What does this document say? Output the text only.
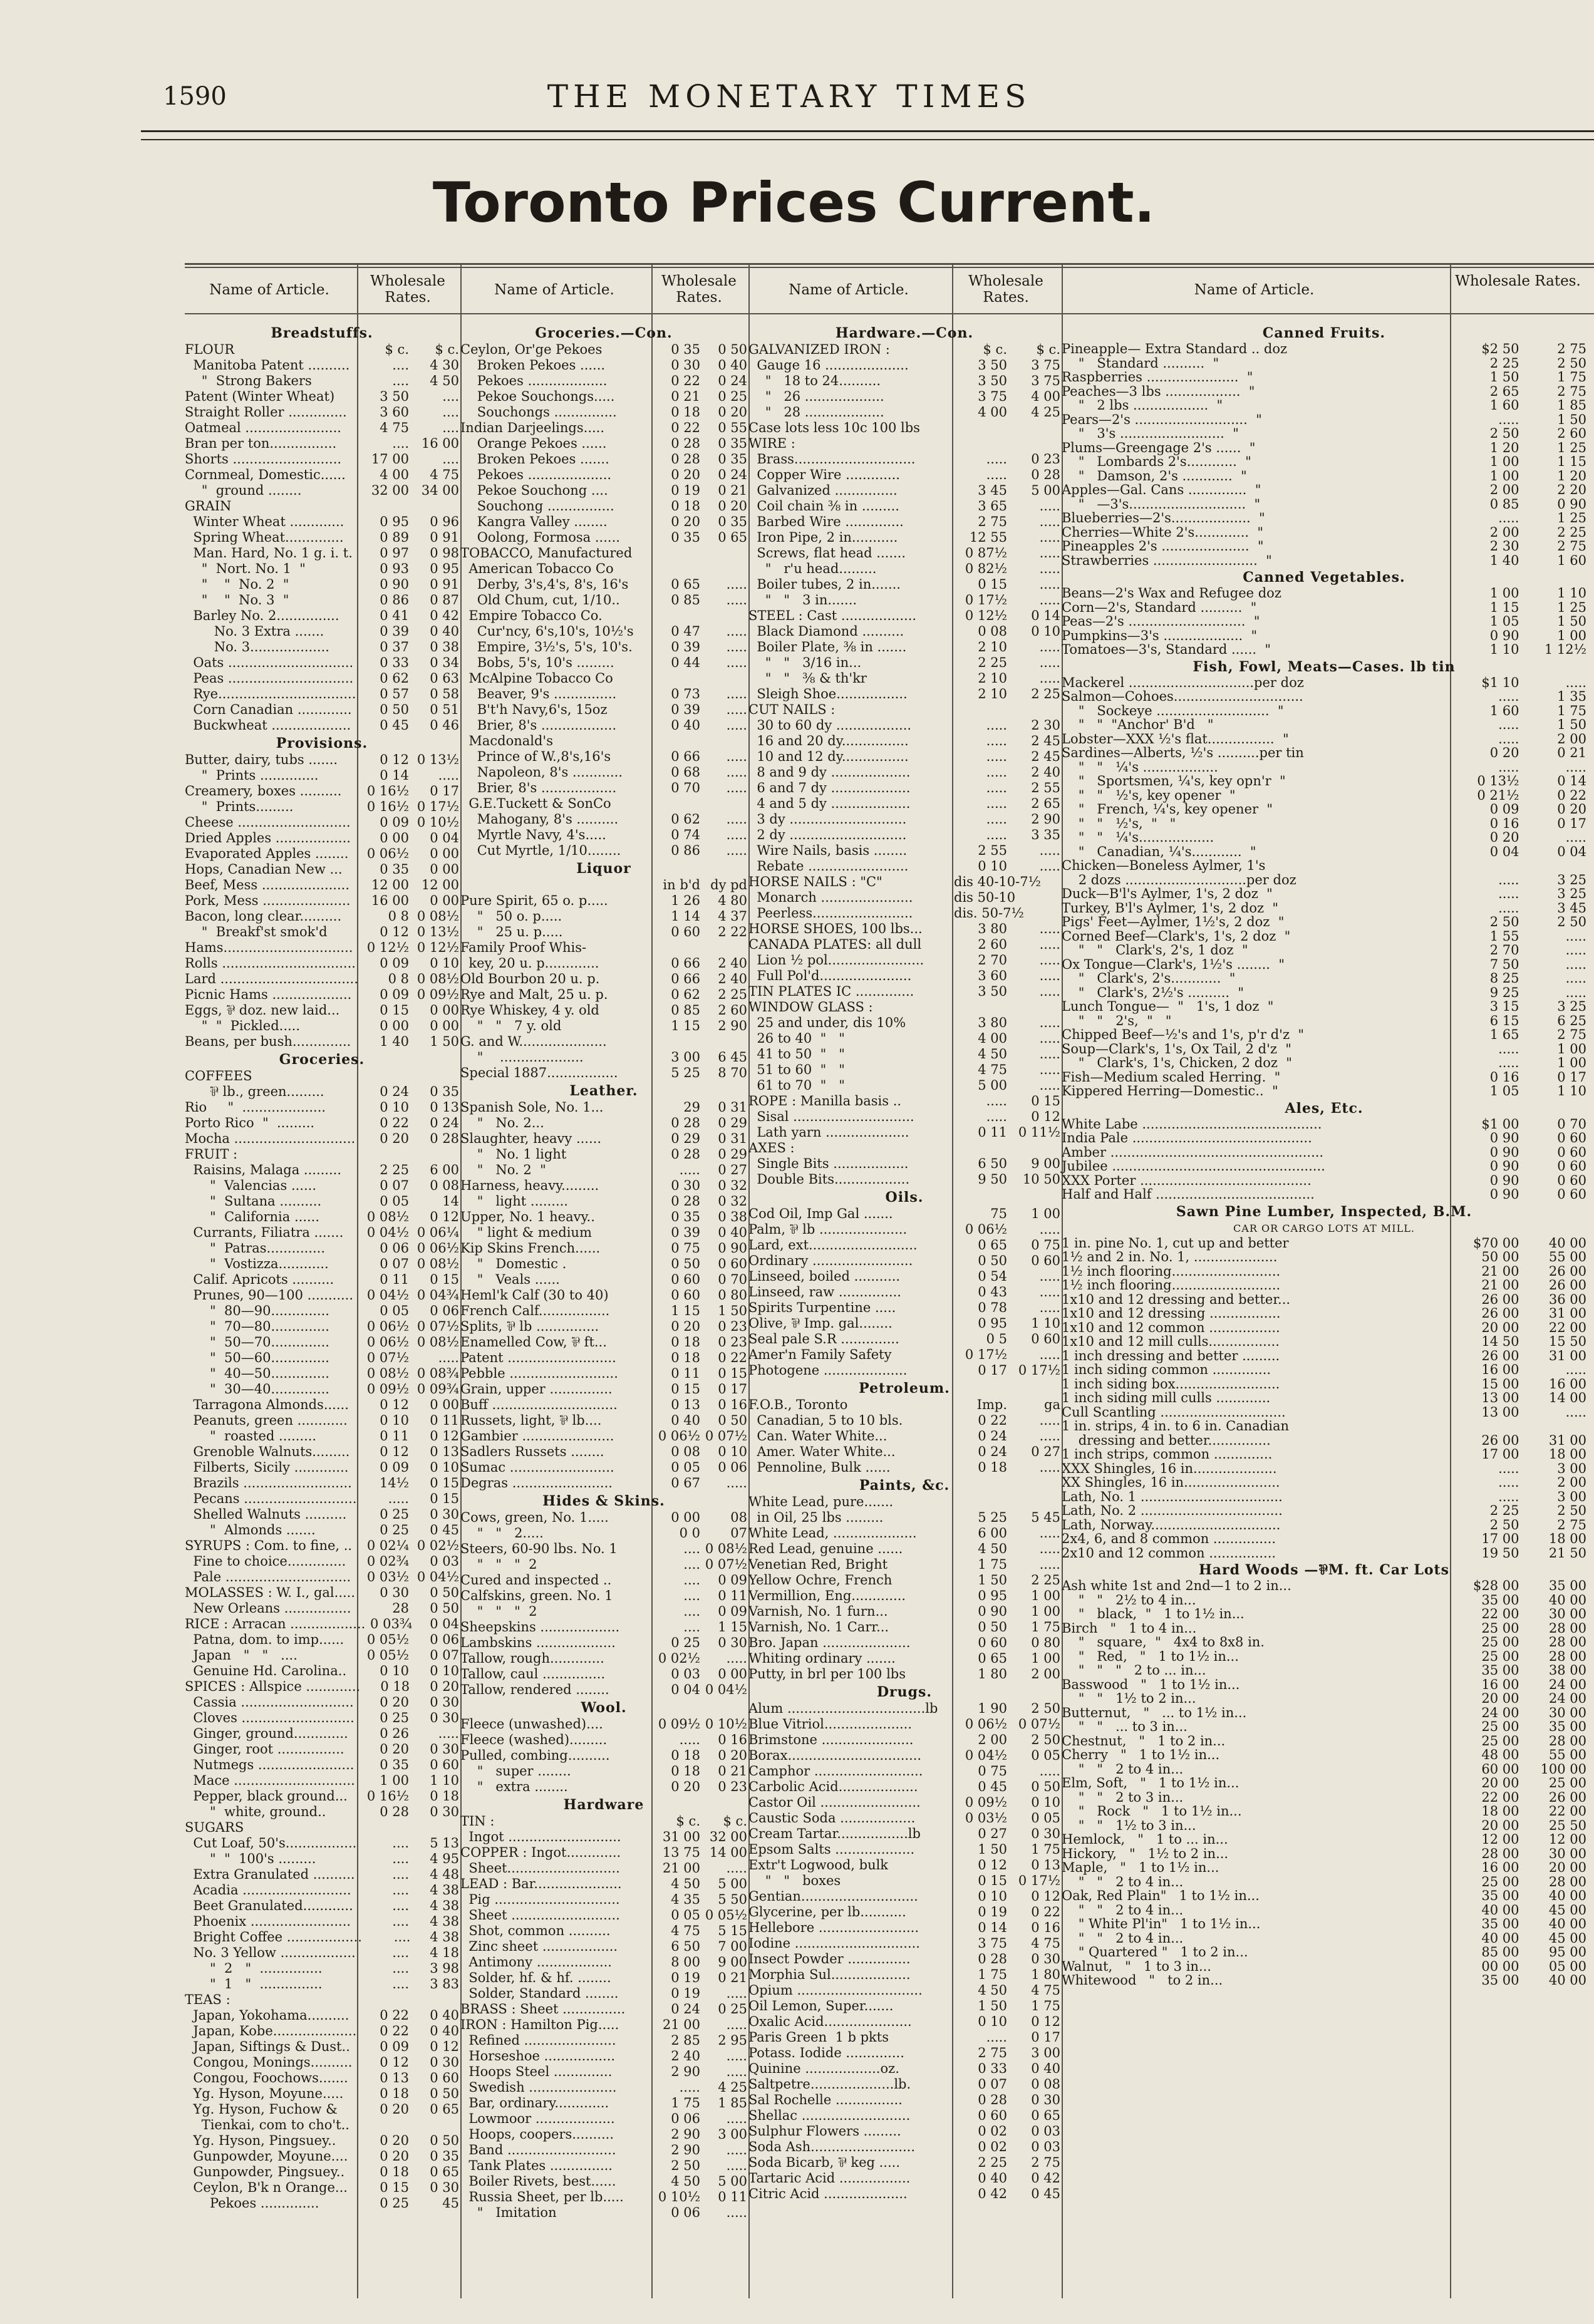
1590	THE MONETARY TIMES
Toronto Prices Current.
Name of Article.
Wholesale Rates.
Breadstuffs.
FLOUR	$ c.	$ c.
Manitoba Patent ..........	....	4 30
"  Strong Bakers	....	4 50
Patent (Winter Wheat)	3 50	....
Straight Roller ..............	3 60	....
Oatmeal .......................	4 75	....
Bran per ton................	.... 16 00
Shorts ..........................	17 00	....
Cornmeal, Domestic......	4 00	4 75
"  ground ........	32 00 34 00
GRAIN
Winter Wheat .............	0 95	0 96
Spring Wheat..............	0 89	0 91
Man. Hard, No. 1 g. i. t.	0 97	0 98
"  Nort. No. 1  "	0 93	0 95
"    "  No. 2  "	0 90	0 91
"    "  No. 3  "	0 86	0 87
Barley No. 2...............	0 41	0 42
No. 3 Extra .......	0 39	0 40
No. 3...................	0 37	0 38
Oats ..............................	0 33	0 34
Peas ..............................	0 62	0 63
Rye.................................	0 57	0 58
Corn Canadian .............	0 50	0 51
Buckwheat ...................	0 45	0 46
Provisions.
Butter, dairy, tubs .......	0 12 0 13½
"  Prints ..............	0 14	.....
Creamery, boxes ..........	0 16½	0 17
"  Prints.........	0 16½ 0 17½
Cheese ...........................	0 09 0 10½
Dried Apples ..................	0 00	0 04
Evaporated Apples ........	0 06½	0 00
Hops, Canadian New ...	0 35	0 00
Beef, Mess .....................	12 00 12 00
Pork, Mess .....................	16 00	0 00
Bacon, long clear..........	0 8 0 08½
"  Breakf'st smok'd	0 12 0 13½
Hams...............................	0 12½ 0 12½
Rolls ................................	0 09	0 10
Lard .................................	0 8 0 08½
Picnic Hams ...................	0 09 0 09½
Eggs, ⅌ doz. new laid...	0 15	0 00
"  "  Pickled.....	0 00	0 00
Beans, per bush..............	1 40	1 50
Groceries.
COFFEES
⅌ lb., green.........	0 24	0 35
Rio     "  ....................	0 10	0 13
Porto Rico  "  .........	0 22	0 24
Mocha .............................	0 20	0 28
FRUIT :
Raisins, Malaga .........	2 25	6 00
"  Valencias ......	0 07	0 08
"  Sultana ..........	0 05	14
"  California ......	0 08½	0 12
Currants, Filiatra .......	0 04½ 0 06¼
"  Patras..............	0 06 0 06½
"  Vostizza............	0 07 0 08½
Calif. Apricots ..........	0 11	0 15
Prunes, 90—100 ...........	0 04½ 0 04¾
"  80—90..............	0 05	0 06
"  70—80..............	0 06½ 0 07½
"  50—70..............	0 06½ 0 08½
"  50—60..............	0 07½	.....
"  40—50..............	0 08½ 0 08¾
"  30—40..............	0 09½ 0 09¾
Tarragona Almonds......	0 12	0 00
Peanuts, green ............	0 10	0 11
"  roasted .........	0 11	0 12
Grenoble Walnuts.........	0 12	0 13
Filberts, Sicily .............	0 09	0 10
Brazils ..........................	14½	0 15
Pecans ...........................	.....	0 15
Shelled Walnuts ..........	0 25	0 30
"  Almonds .......	0 25	0 45
SYRUPS : Com. to fine, ..	0 02¼ 0 02½
Fine to choice..............	0 02¾	0 03
Pale ..............................	0 03½ 0 04½
MOLASSES : W. I., gal.....	0 30	0 50
New Orleans ................	28	0 50
RICE : Arracan .................. 0 03¾	0 04
Patna, dom. to imp......	0 05½	0 06
Japan   "   "   ....	0 05½	0 07
Genuine Hd. Carolina..	0 10	0 10
SPICES : Allspice .............	0 18	0 20
Cassia ...........................	0 20	0 30
Cloves ...........................	0 25	0 30
Ginger, ground.............	0 26	.....
Ginger, root ................	0 20	0 30
Nutmegs .......................	0 35	0 60
Mace .............................	1 00	1 10
Pepper, black ground...	0 16½	0 18
"  white, ground..	0 28	0 30
SUGARS
Cut Loaf, 50's.................	....	5 13
"  "  100's .........	....	4 95
Extra Granulated ..........	....	4 48
Acadia ..........................	....	4 38
Beet Granulated............	....	4 38
Phoenix ........................	....	4 38
Bright Coffee ..................	....	4 38
No. 3 Yellow ..................	....	4 18
"  2   "  ...............	....	3 98
"  1   "  ...............	....	3 83
TEAS :
Japan, Yokohama..........	0 22	0 40
Japan, Kobe....................	0 22	0 40
Japan, Siftings & Dust..	0 09	0 12
Congou, Monings..........	0 12	0 30
Congou, Foochows.......	0 13	0 60
Yg. Hyson, Moyune.....	0 18	0 50
Yg. Hyson, Fuchow &	0 20	0 65
Tienkai, com to cho't..
Yg. Hyson, Pingsuey..	0 20	0 50
Gunpowder, Moyune....	0 20	0 35
Gunpowder, Pingsuey..	0 18	0 65
Ceylon, B'k n Orange...	0 15	0 30
Pekoes ..............	0 25	45
Name of Article.
Wholesale Rates.
Groceries.—Con.
Ceylon, Or'ge Pekoes	0 35	0 50
Broken Pekoes ......	0 30	0 40
Pekoes ...................	0 22	0 24
Pekoe Souchongs.....	0 21	0 25
Souchongs ...............	0 18	0 20
Indian Darjeelings.....	0 22	0 55
Orange Pekoes ......	0 28	0 35
Broken Pekoes .......	0 28	0 35
Pekoes ....................	0 20	0 24
Pekoe Souchong ....	0 19	0 21
Souchong ................	0 18	0 20
Kangra Valley ........	0 20	0 35
Oolong, Formosa ......	0 35	0 65
TOBACCO, Manufactured
American Tobacco Co
Derby, 3's,4's, 8's, 16's	0 65	.....
Old Chum, cut, 1/10..	0 85	.....
Empire Tobacco Co.
Cur'ncy, 6's,10's, 10½'s	0 47	.....
Empire, 3½'s, 5's, 10's.	0 39	.....
Bobs, 5's, 10's .........	0 44	.....
McAlpine Tobacco Co
Beaver, 9's ...............	0 73	.....
B't'h Navy,6's, 15oz	0 39	.....
Brier, 8's ..................	0 40	.....
Macdonald's
Prince of W.,8's,16's	0 66	.....
Napoleon, 8's ............	0 68	.....
Brier, 8's ..................	0 70	.....
G.E.Tuckett & SonCo
Mahogany, 8's ..........	0 62	.....
Myrtle Navy, 4's.....	0 74	.....
Cut Myrtle, 1/10........	0 86	.....
Liquor
in b'd dy pd
Pure Spirit, 65 o. p.....	1 26	4 80
"   50 o. p.....	1 14	4 37
"   25 u. p.....	0 60	2 22
Family Proof Whis-
key, 20 u. p.............	0 66	2 40
Old Bourbon 20 u. p.	0 66	2 40
Rye and Malt, 25 u. p.	0 62	2 25
Rye Whiskey, 4 y. old	0 85	2 60
"   "   7 y. old	1 15	2 90
G. and W.....................
"    ....................	3 00	6 45
Special 1887.................	5 25	8 70
Leather.
Spanish Sole, No. 1...	29	0 31
"   No. 2...	0 28	0 29
Slaughter, heavy ......	0 29	0 31
"   No. 1 light	0 28	0 29
"   No. 2  "	.....	0 27
Harness, heavy.........	0 30	0 32
"   light .........	0 28	0 32
Upper, No. 1 heavy..	0 35	0 38
" light & medium	0 39	0 40
Kip Skins French......	0 75	0 90
"   Domestic .	0 50	0 60
"   Veals ......	0 60	0 70
Heml'k Calf (30 to 40)	0 60	0 80
French Calf.................	1 15	1 50
Splits, ⅌ lb ...............	0 20	0 23
Enamelled Cow, ⅌ ft...	0 18	0 23
Patent ..........................	0 18	0 22
Pebble ..........................	0 11	0 15
Grain, upper ...............	0 15	0 17
Buff ..............................	0 13	0 16
Russets, light, ⅌ lb....	0 40	0 50
Gambier ......................	0 06½ 0 07½
Sadlers Russets ........	0 08	0 10
Sumac .........................	0 05	0 06
Degras ........................	0 67	.....
Hides & Skins.
Cows, green, No. 1.....	0 00	08
"   "   2.....	0 0	07
Steers, 60-90 lbs. No. 1	.... 0 08½
"   "   "  2	.... 0 07½
Cured and inspected ..	....	0 09
Calfskins, green. No. 1	....	0 11
"   "   "  2	....	0 09
Sheepskins ...................	....	1 15
Lambskins ...................	0 25	0 30
Tallow, rough.............	0 02½	.....
Tallow, caul ...............	0 03	0 00
Tallow, rendered ........	0 04 0 04½
Wool.
Fleece (unwashed)....	0 09½ 0 10½
Fleece (washed).........	.....	0 16
Pulled, combing..........	0 18	0 20
"   super ........	0 18	0 21
"   extra ........	0 20	0 23
Hardware
TIN :	$ c.	$ c.
Ingot ...........................	31 00 32 00
COPPER : Ingot.............	13 75 14 00
Sheet...........................	21 00	.....
LEAD : Bar.....................	4 50	5 00
Pig ..............................	4 35	5 50
Sheet ..........................	0 05 0 05½
Shot, common ..........	4 75	5 15
Zinc sheet ..................	6 50	7 00
Antimony ..................	8 00	9 00
Solder, hf. & hf. ........	0 19	0 21
Solder, Standard ........	0 19	.....
BRASS : Sheet ...............	0 24	0 25
IRON : Hamilton Pig.....	21 00	.....
Refined ......................	2 85	2 95
Horseshoe .................	2 40	.....
Hoops Steel ..............	2 90	.....
Swedish .....................	.....	4 25
Bar, ordinary.............	1 75	1 85
Lowmoor ...................	0 06	.....
Hoops, coopers..........	2 90	3 00
Band ..........................	2 90	.....
Tank Plates ...............	2 50	.....
Boiler Rivets, best......	4 50	5 00
Russia Sheet, per lb.....	0 10½	0 11
"   Imitation	0 06	.....
Name of Article.
Wholesale Rates.
Hardware.—Con.
GALVANIZED IRON :	$ c.	$ c.
Gauge 16 ....................	3 50	3 75
"   18 to 24..........	3 50	3 75
"   26 ...................	3 75	4 00
"   28 ...................	4 00	4 25
Case lots less 10c 100 lbs
WIRE :
Brass.............................	.....	0 23
Copper Wire .............	.....	0 28
Galvanized ...............	3 45	5 00
Coil chain ⅜ in .........	3 65	.....
Barbed Wire ..............	2 75	.....
Iron Pipe, 2 in...........	12 55	.....
Screws, flat head .......	0 87½	.....
"   r'u head.........	0 82½	.....
Boiler tubes, 2 in.......	0 15	.....
"   "   3 in.......	0 17½	.....
STEEL : Cast ..................	0 12½	0 14
Black Diamond ..........	0 08	0 10
Boiler Plate, ⅜ in .......	2 10	.....
"   "   3/16 in...	2 25	.....
"   "   ⅜ & th'kr	2 10	.....
Sleigh Shoe.................	2 10	2 25
CUT NAILS :
30 to 60 dy ..................	.....	2 30
16 and 20 dy................	.....	2 45
10 and 12 dy................	.....	2 45
8 and 9 dy ...................	.....	2 40
6 and 7 dy ...................	.....	2 55
4 and 5 dy ...................	.....	2 65
3 dy ............................	.....	2 90
2 dy ............................	.....	3 35
Wire Nails, basis ........	2 55	.....
Rebate ........................	0 10	.....
HORSE NAILS : "C"	dis 40-10-7½
Monarch ......................	dis 50-10
Peerless........................	dis. 50-7½
HORSE SHOES, 100 lbs...	3 80	.....
CANADA PLATES: all dull	2 60	.....
Lion ½ pol.......................	2 70	.....
Full Pol'd......................	3 60	.....
TIN PLATES IC ..............	3 50	.....
WINDOW GLASS :
25 and under, dis 10%	3 80	.....
26 to 40  "   "	4 00	.....
41 to 50  "   "	4 50	.....
51 to 60  "   "	4 75	.....
61 to 70  "   "	5 00	.....
ROPE : Manilla basis ..	.....	0 15
Sisal .............................	.....	0 12
Lath yarn ....................	0 11 0 11½
AXES :
Single Bits ..................	6 50	9 00
Double Bits..................	9 50	10 50
Oils.
Cod Oil, Imp Gal .......	75	1 00
Palm, ⅌ lb .....................	0 06½	.....
Lard, ext..........................	0 65	0 75
Ordinary ........................	0 50	0 60
Linseed, boiled ...........	0 54	.....
Linseed, raw ...............	0 43	.....
Spirits Turpentine .....	0 78	.....
Olive, ⅌ Imp. gal........	0 95	1 10
Seal pale S.R ..............	0 5	0 60
Amer'n Family Safety	0 17½	.....
Photogene ....................	0 17 0 17½
Petroleum.
F.O.B., Toronto	Imp.	ga
Canadian, 5 to 10 bls.	0 22	.....
Can. Water White...	0 24	.....
Amer. Water White...	0 24	0 27
Pennoline, Bulk ......	0 18	.....
Paints, &c.
White Lead, pure.......
in Oil, 25 lbs .........	5 25	5 45
White Lead, ....................	6 00	.....
Red Lead, genuine ......	4 50	.....
Venetian Red, Bright	1 75	.....
Yellow Ochre, French	1 50	2 25
Vermillion, Eng.............	0 95	1 00
Varnish, No. 1 furn...	0 90	1 00
Varnish, No. 1 Carr...	0 50	1 75
Bro. Japan .....................	0 60	0 80
Whiting ordinary .......	0 65	1 00
Putty, in brl per 100 lbs	1 80	2 00
Drugs.
Alum .................................lb	1 90	2 50
Blue Vitriol.....................	0 06½ 0 07½
Brimstone ......................	2 00	2 50
Borax................................	0 04½	0 05
Camphor ..........................	0 75	.....
Carbolic Acid...................	0 45	0 50
Castor Oil ........................	0 09½	0 10
Caustic Soda ..................	0 03½	0 05
Cream Tartar.................lb	0 27	0 30
Epsom Salts ...................	1 50	1 75
Extr't Logwood, bulk	0 12	0 13
"   "   boxes	0 15 0 17½
Gentian............................	0 10	0 12
Glycerine, per lb...........	0 19	0 22
Hellebore ........................	0 14	0 16
Iodine ..............................	3 75	4 75
Insect Powder ...............	0 28	0 30
Morphia Sul...................	1 75	1 80
Opium ..............................	4 50	4 75
Oil Lemon, Super.......	1 50	1 75
Oxalic Acid.....................	0 10	0 12
Paris Green  1 b pkts	.....	0 17
Potass. Iodide ..............	2 75	3 00
Quinine ..................oz.	0 33	0 40
Saltpetre....................lb.	0 07	0 08
Sal Rochelle ................	0 28	0 30
Shellac ..........................	0 60	0 65
Sulphur Flowers .........	0 02	0 03
Soda Ash.........................	0 02	0 03
Soda Bicarb, ⅌ keg .....	2 25	2 75
Tartaric Acid .................	0 40	0 42
Citric Acid ....................	0 42	0 45
Name of Article.
Wholesale Rates.
Canned Fruits.
Pineapple— Extra Standard .. doz	$2 50	2 75
"   Standard ..........  "	2 25	2 50
Raspberries ......................  "	1 50	1 75
Peaches—3 lbs ..................  "	2 65	2 75
"   2 lbs ..................  "	1 60	1 85
Pears—2's ...........................  "	.....	1 50
"   3's .........................  "	2 50	2 60
Plums—Greengage 2's ......  "	1 20	1 25
"   Lombards 2's............  "	1 00	1 15
"   Damson, 2's ............  "	1 00	1 20
Apples—Gal. Cans ..............  "	2 00	2 20
"   —3's............................  "	0 85	0 90
Blueberries—2's...................  "	.....	1 25
Cherries—White 2's.............  "	2 00	2 25
Pineapples 2's .....................  "	2 30	2 75
Strawberries .........................  "	1 40	1 60
Canned Vegetables.
Beans—2's Wax and Refugee doz	1 00	1 10
Corn—2's, Standard ..........  "	1 15	1 25
Peas—2's ............................  "	1 05	1 50
Pumpkins—3's ...................  "	0 90	1 00
Tomatoes—3's, Standard ......  "	1 10	1 12½
Fish, Fowl, Meats—Cases. lb tin
Mackerel ..............................per doz	$1 10	.....
Salmon—Cohoes...............................	.....	1 35
"   Sockeye ...........................  "	1 60	1 75
"   "  "Anchor' B'd   "	.....	1 50
Lobster—XXX ½'s flat................  "	.....	2 00
Sardines—Alberts, ½'s ..........per tin	0 20	0 21
"   "   ¼'s ..................	.....	.....
"   Sportsmen, ¼'s, key opn'r  "	0 13½	0 14
"   "   ½'s, key opener  "	0 21½	0 22
"   French, ¼'s, key opener  "	0 09	0 20
"   "   ½'s,  "   "	0 16	0 17
"   "   ¼'s..................	0 20	.....
"   Canadian, ¼'s............  "	0 04	0 04
Chicken—Boneless Aylmer, 1's
2 dozs .............................per doz	.....	3 25
Duck—B'l's Aylmer, 1's, 2 doz  "	.....	3 25
Turkey, B'l's Aylmer, 1's, 2 doz  "	.....	3 45
Pigs' Feet—Aylmer, 1½'s, 2 doz  "	2 50	2 50
Corned Beef—Clark's, 1's, 2 doz  "	1 55	.....
"   "   Clark's, 2's, 1 doz  "	2 70	.....
Ox Tongue—Clark's, 1½'s ........  "	7 50	.....
"   Clark's, 2's............  "	8 25	.....
"   Clark's, 2½'s ..........  "	9 25	.....
Lunch Tongue—  "   1's, 1 doz  "	3 15	3 25
"   "   2's,  "   "	6 15	6 25
Chipped Beef—½'s and 1's, p'r d'z  "	1 65	2 75
Soup—Clark's, 1's, Ox Tail, 2 d'z  "	.....	1 00
"   Clark's, 1's, Chicken, 2 doz  "	.....	1 00
Fish—Medium scaled Herring.  "	0 16	0 17
Kippered Herring—Domestic..  "	1 05	1 10
Ales, Etc.
White Labe ...........................................	$1 00	0 70
India Pale ...........................................	0 90	0 60
Amber ...................................................	0 90	0 60
Jubilee ...................................................	0 90	0 60
XXX Porter .........................................	0 90	0 60
Half and Half ......................................	0 90	0 60
Sawn Pine Lumber, Inspected, B.M.
CAR OR CARGO LOTS AT MILL.
1 in. pine No. 1, cut up and better	$70 00	40 00
1½ and 2 in. No. 1, ....................	50 00	55 00
1½ inch flooring..........................	21 00	26 00
1½ inch flooring..........................	21 00	26 00
1x10 and 12 dressing and better...	26 00	36 00
1x10 and 12 dressing .................	26 00	31 00
1x10 and 12 common .................	20 00	22 00
1x10 and 12 mill culls.................	14 50	15 50
1 inch dressing and better .........	26 00	31 00
1 inch siding common ..............	16 00	.....
1 inch siding box.........................	15 00	16 00
1 inch siding mill culls .............	13 00	14 00
Cull Scantling ..............................	13 00	.....
1 in. strips, 4 in. to 6 in. Canadian
dressing and better...............	26 00	31 00
1 inch strips, common ..............	17 00	18 00
XXX Shingles, 16 in....................	.....	3 00
XX Shingles, 16 in.......................	.....	2 00
Lath, No. 1 ..................................	.....	3 00
Lath, No. 2 ..................................	2 25	2 50
Lath, Norway...............................	2 50	2 75
2x4, 6, and 8 common ...............	17 00	18 00
2x10 and 12 common ................	19 50	21 50
Hard Woods —⅌M. ft. Car Lots
Ash white 1st and 2nd—1 to 2 in...	$28 00	35 00
"   "   2½ to 4 in...	35 00	40 00
"   black,  "   1 to 1½ in...	22 00	30 00
Birch   "   1 to 4 in...	25 00	28 00
"   square,  "   4x4 to 8x8 in.	25 00	28 00
"   Red,   "   1 to 1½ in...	25 00	28 00
"   "   "   2 to ... in...	35 00	38 00
Basswood   "   1 to 1½ in...	16 00	24 00
"   "   1½ to 2 in...	20 00	24 00
Butternut,   "   ... to 1½ in...	24 00	30 00
"   "   ... to 3 in...	25 00	35 00
Chestnut,   "   1 to 2 in...	25 00	28 00
Cherry   "   1 to 1½ in...	48 00	55 00
"   "   2 to 4 in...	60 00	100 00
Elm, Soft,   "   1 to 1½ in...	20 00	25 00
"   "   2 to 3 in...	22 00	26 00
"   Rock   "   1 to 1½ in...	18 00	22 00
"   "   1½ to 3 in...	20 00	25 50
Hemlock,   "   1 to ... in...	12 00	12 00
Hickory,   "   1½ to 2 in...	28 00	30 00
Maple,   "   1 to 1½ in...	16 00	20 00
"   "   2 to 4 in...	25 00	28 00
Oak, Red Plain"   1 to 1½ in...	35 00	40 00
"   "   2 to 4 in...	40 00	45 00
" White Pl'in"   1 to 1½ in...	35 00	40 00
"   "   2 to 4 in...	40 00	45 00
" Quartered "   1 to 2 in...	85 00	95 00
Walnut,   "   1 to 3 in...	00 00	05 00
Whitewood   "   to 2 in...	35 00	40 00
